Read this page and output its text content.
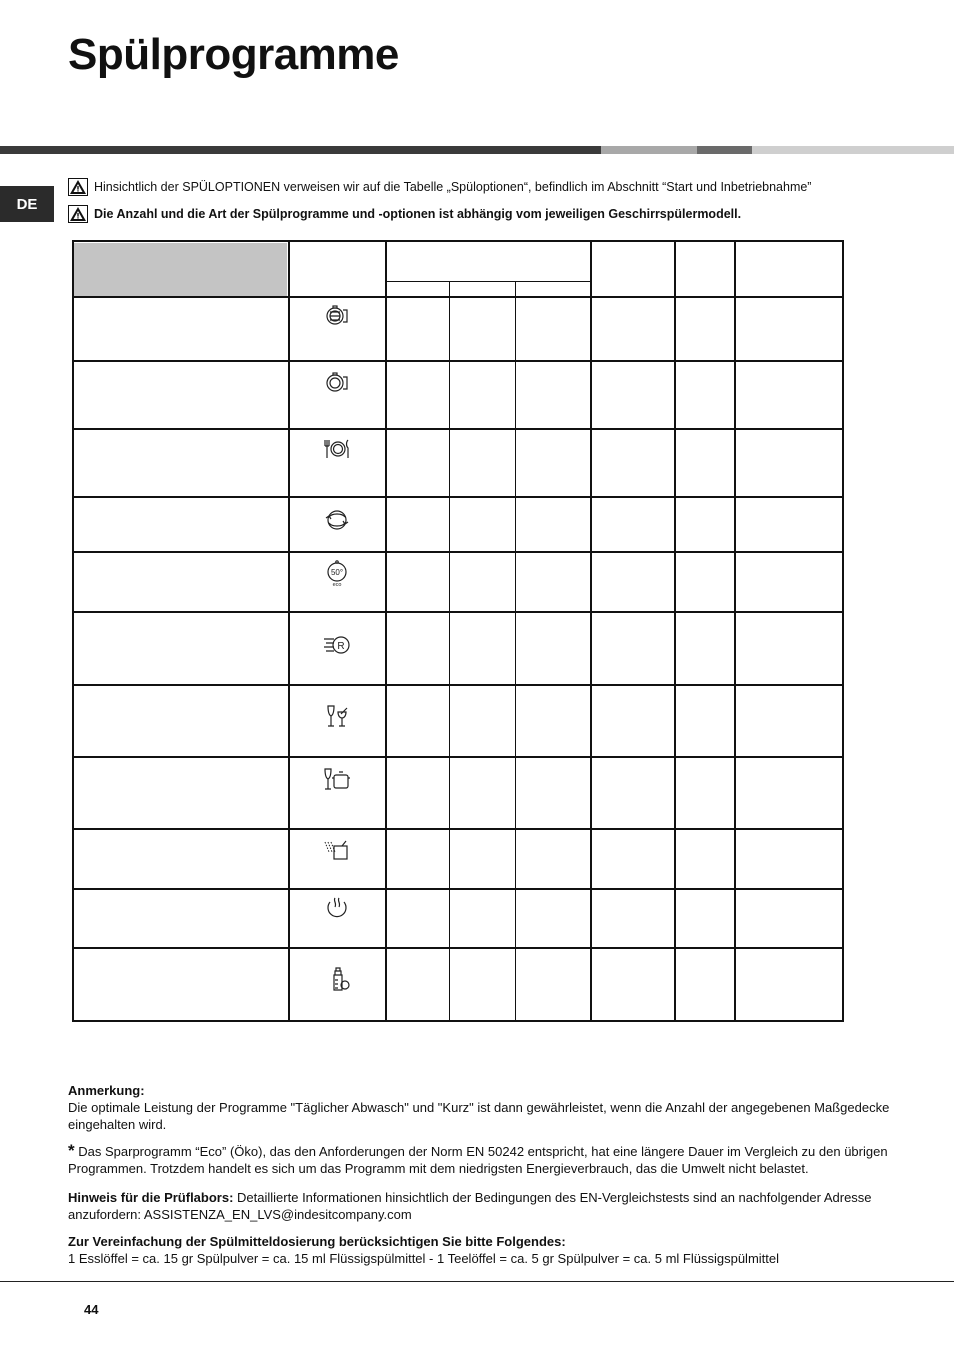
Spülprogramme
DE
Hinsichtlich der SPÜLOPTIONEN verweisen wir auf die Tabelle „Spüloptionen“, befindlich im Abschnitt “Start und Inbetriebnahme”
Die Anzahl und die Art der Spülprogramme und -optionen ist abhängig vom jeweiligen Geschirrspülermodell.
50°
eco
R
Anmerkung:
Die optimale Leistung der Programme "Täglicher Abwasch" und "Kurz" ist dann gewährleistet, wenn die Anzahl der angegebenen Maßgedecke eingehalten wird.
* Das Sparprogramm “Eco” (Öko), das den Anforderungen der Norm EN 50242 entspricht, hat eine längere Dauer im Vergleich zu den übrigen Programmen. Trotzdem handelt es sich um das Programm mit dem niedrigsten Energieverbrauch, das die Umwelt nicht belastet.
Hinweis für die Prüflabors: Detaillierte Informationen hinsichtlich der Bedingungen des EN-Vergleichstests sind an nachfolgender Adresse anzufordern: ASSISTENZA_EN_LVS@indesitcompany.com
Zur Vereinfachung der Spülmitteldosierung berücksichtigen Sie bitte Folgendes:
1 Esslöffel = ca. 15 gr Spülpulver = ca. 15 ml Flüssigspülmittel - 1 Teelöffel = ca. 5 gr Spülpulver = ca. 5 ml Flüssigspülmittel
44
